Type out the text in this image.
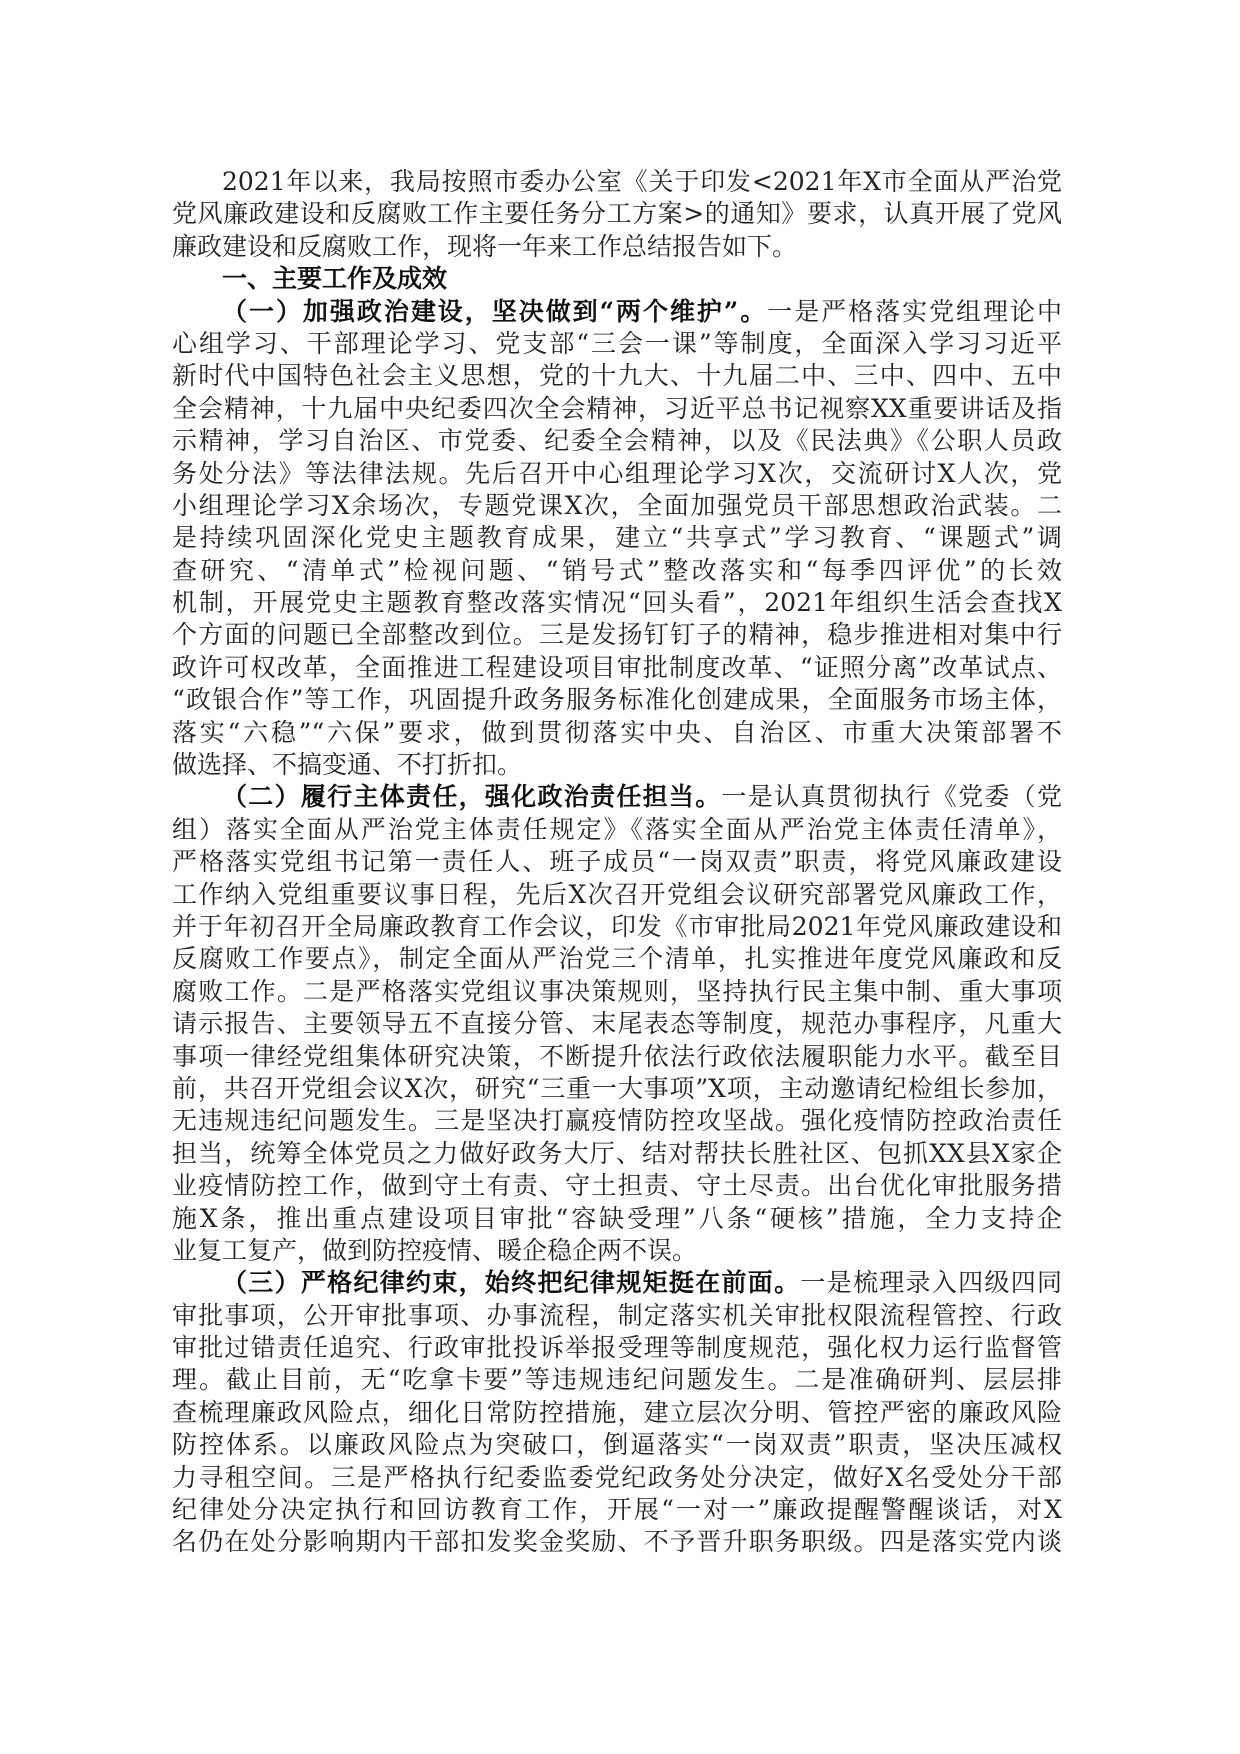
2021年以来，我局按照市委办公室《关于印发<2021年X市全面从严治党
党风廉政建设和反腐败工作主要任务分工方案>的通知》要求，认真开展了党风
廉政建设和反腐败工作，现将一年来工作总结报告如下。
一、主要工作及成效
（一）加强政治建设，坚决做到“两个维护”。一是严格落实党组理论中
心组学习、干部理论学习、党支部“三会一课”等制度，全面深入学习习近平
新时代中国特色社会主义思想，党的十九大、十九届二中、三中、四中、五中
全会精神，十九届中央纪委四次全会精神，习近平总书记视察XX重要讲话及指
示精神，学习自治区、市党委、纪委全会精神，以及《民法典》《公职人员政
务处分法》等法律法规。先后召开中心组理论学习X次，交流研讨X人次，党
小组理论学习X余场次，专题党课X次，全面加强党员干部思想政治武装。二
是持续巩固深化党史主题教育成果，建立“共享式”学习教育、“课题式”调
查研究、“清单式”检视问题、“销号式”整改落实和“每季四评优”的长效
机制，开展党史主题教育整改落实情况“回头看”，2021年组织生活会查找X
个方面的问题已全部整改到位。三是发扬钉钉子的精神，稳步推进相对集中行
政许可权改革，全面推进工程建设项目审批制度改革、“证照分离”改革试点、
“政银合作”等工作，巩固提升政务服务标准化创建成果，全面服务市场主体，
落实“六稳”“六保”要求，做到贯彻落实中央、自治区、市重大决策部署不
做选择、不搞变通、不打折扣。
（二）履行主体责任，强化政治责任担当。一是认真贯彻执行《党委（党
组）落实全面从严治党主体责任规定》《落实全面从严治党主体责任清单》，
严格落实党组书记第一责任人、班子成员“一岗双责”职责，将党风廉政建设
工作纳入党组重要议事日程，先后X次召开党组会议研究部署党风廉政工作，
并于年初召开全局廉政教育工作会议，印发《市审批局2021年党风廉政建设和
反腐败工作要点》，制定全面从严治党三个清单，扎实推进年度党风廉政和反
腐败工作。二是严格落实党组议事决策规则，坚持执行民主集中制、重大事项
请示报告、主要领导五不直接分管、末尾表态等制度，规范办事程序，凡重大
事项一律经党组集体研究决策，不断提升依法行政依法履职能力水平。截至目
前，共召开党组会议X次，研究“三重一大事项”X项，主动邀请纪检组长参加，
无违规违纪问题发生。三是坚决打赢疫情防控攻坚战。强化疫情防控政治责任
担当，统筹全体党员之力做好政务大厅、结对帮扶长胜社区、包抓XX县X家企
业疫情防控工作，做到守土有责、守土担责、守土尽责。出台优化审批服务措
施X条，推出重点建设项目审批“容缺受理”八条“硬核”措施，全力支持企
业复工复产，做到防控疫情、暖企稳企两不误。
（三）严格纪律约束，始终把纪律规矩挺在前面。一是梳理录入四级四同
审批事项，公开审批事项、办事流程，制定落实机关审批权限流程管控、行政
审批过错责任追究、行政审批投诉举报受理等制度规范，强化权力运行监督管
理。截止目前，无“吃拿卡要”等违规违纪问题发生。二是准确研判、层层排
查梳理廉政风险点，细化日常防控措施，建立层次分明、管控严密的廉政风险
防控体系。以廉政风险点为突破口，倒逼落实“一岗双责”职责，坚决压减权
力寻租空间。三是严格执行纪委监委党纪政务处分决定，做好X名受处分干部
纪律处分决定执行和回访教育工作，开展“一对一”廉政提醒警醒谈话，对X
名仍在处分影响期内干部扣发奖金奖励、不予晋升职务职级。四是落实党内谈
